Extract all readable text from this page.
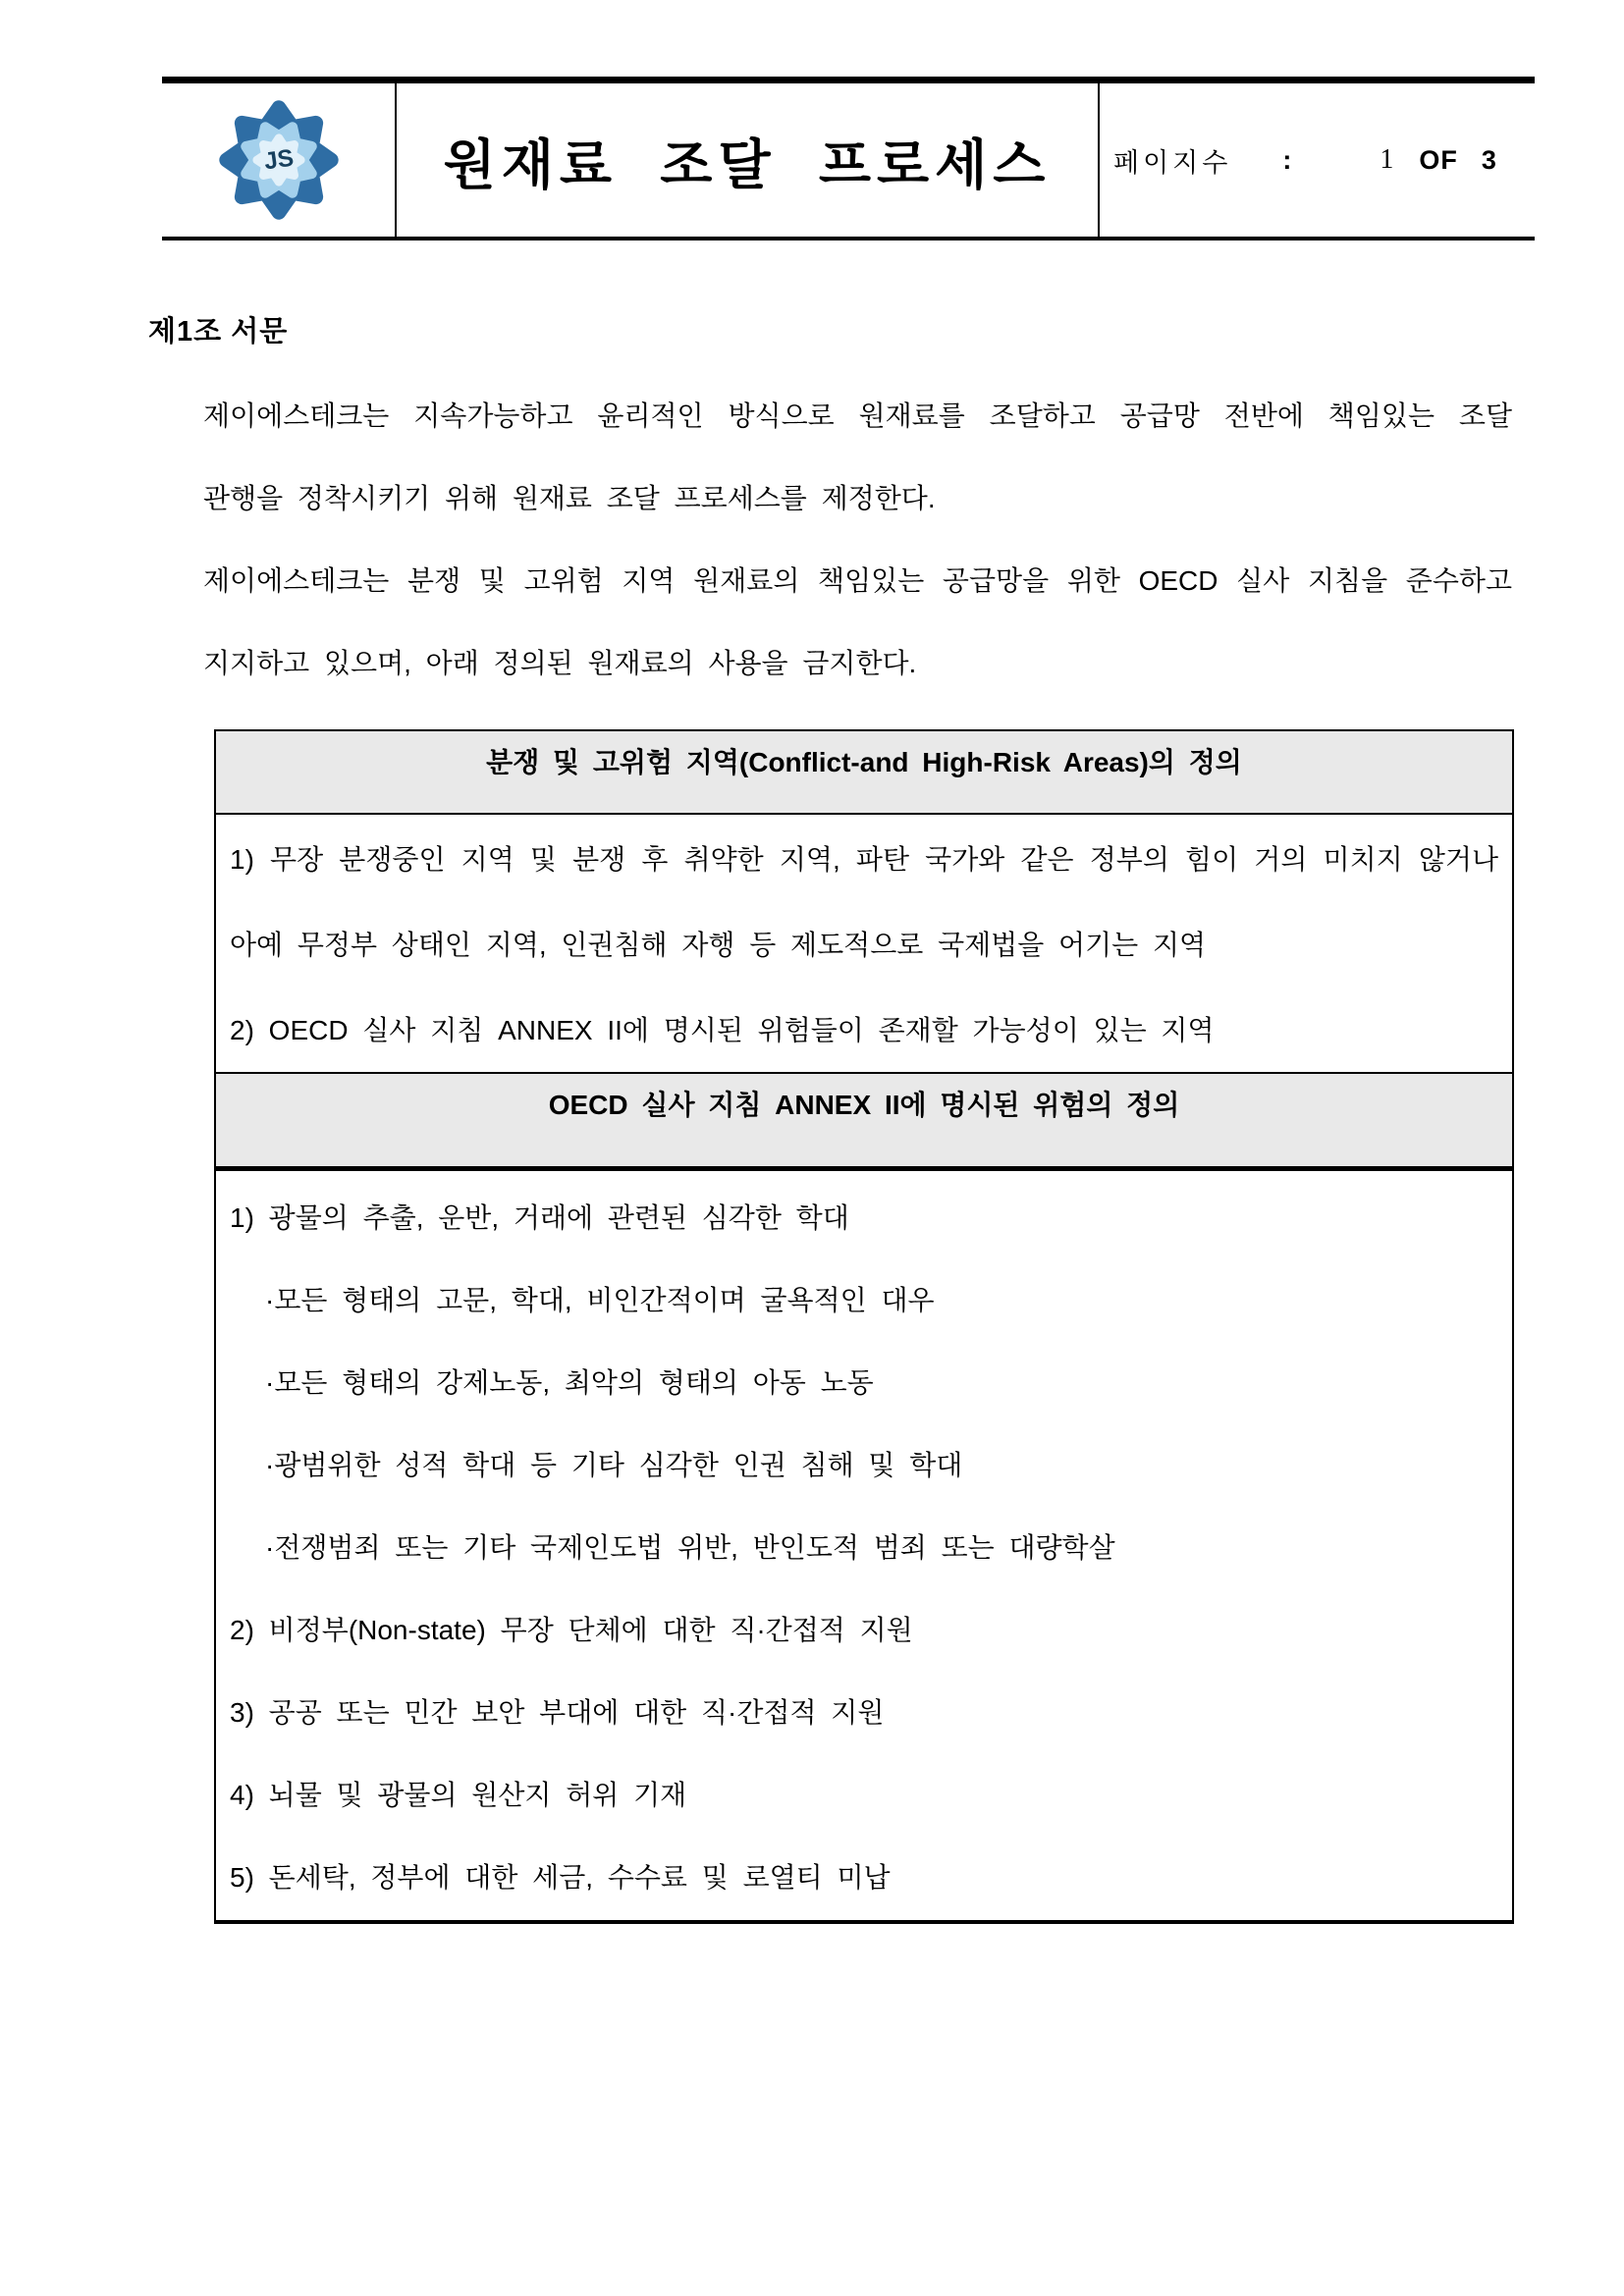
JS	원재료 조달 프로세스	페이지수 :	1 OF 3
제1조 서문
제이에스테크는 지속가능하고 윤리적인 방식으로 원재료를 조달하고 공급망 전반에 책임있는 조달
관행을 정착시키기 위해 원재료 조달 프로세스를 제정한다.
제이에스테크는 분쟁 및 고위험 지역 원재료의 책임있는 공급망을 위한 OECD 실사 지침을 준수하고
지지하고 있으며, 아래 정의된 원재료의 사용을 금지한다.
분쟁 및 고위험 지역(Conflict-and High-Risk Areas)의 정의
1) 무장 분쟁중인 지역 및 분쟁 후 취약한 지역, 파탄 국가와 같은 정부의 힘이 거의 미치지 않거나
아예 무정부 상태인 지역, 인권침해 자행 등 제도적으로 국제법을 어기는 지역
2) OECD 실사 지침 ANNEX II에 명시된 위험들이 존재할 가능성이 있는 지역
OECD 실사 지침 ANNEX II에 명시된 위험의 정의
1) 광물의 추출, 운반, 거래에 관련된 심각한 학대
·모든 형태의 고문, 학대, 비인간적이며 굴욕적인 대우
·모든 형태의 강제노동, 최악의 형태의 아동 노동
·광범위한 성적 학대 등 기타 심각한 인권 침해 및 학대
·전쟁범죄 또는 기타 국제인도법 위반, 반인도적 범죄 또는 대량학살
2) 비정부(Non-state) 무장 단체에 대한 직·간접적 지원
3) 공공 또는 민간 보안 부대에 대한 직·간접적 지원
4) 뇌물 및 광물의 원산지 허위 기재
5) 돈세탁, 정부에 대한 세금, 수수료 및 로열티 미납
